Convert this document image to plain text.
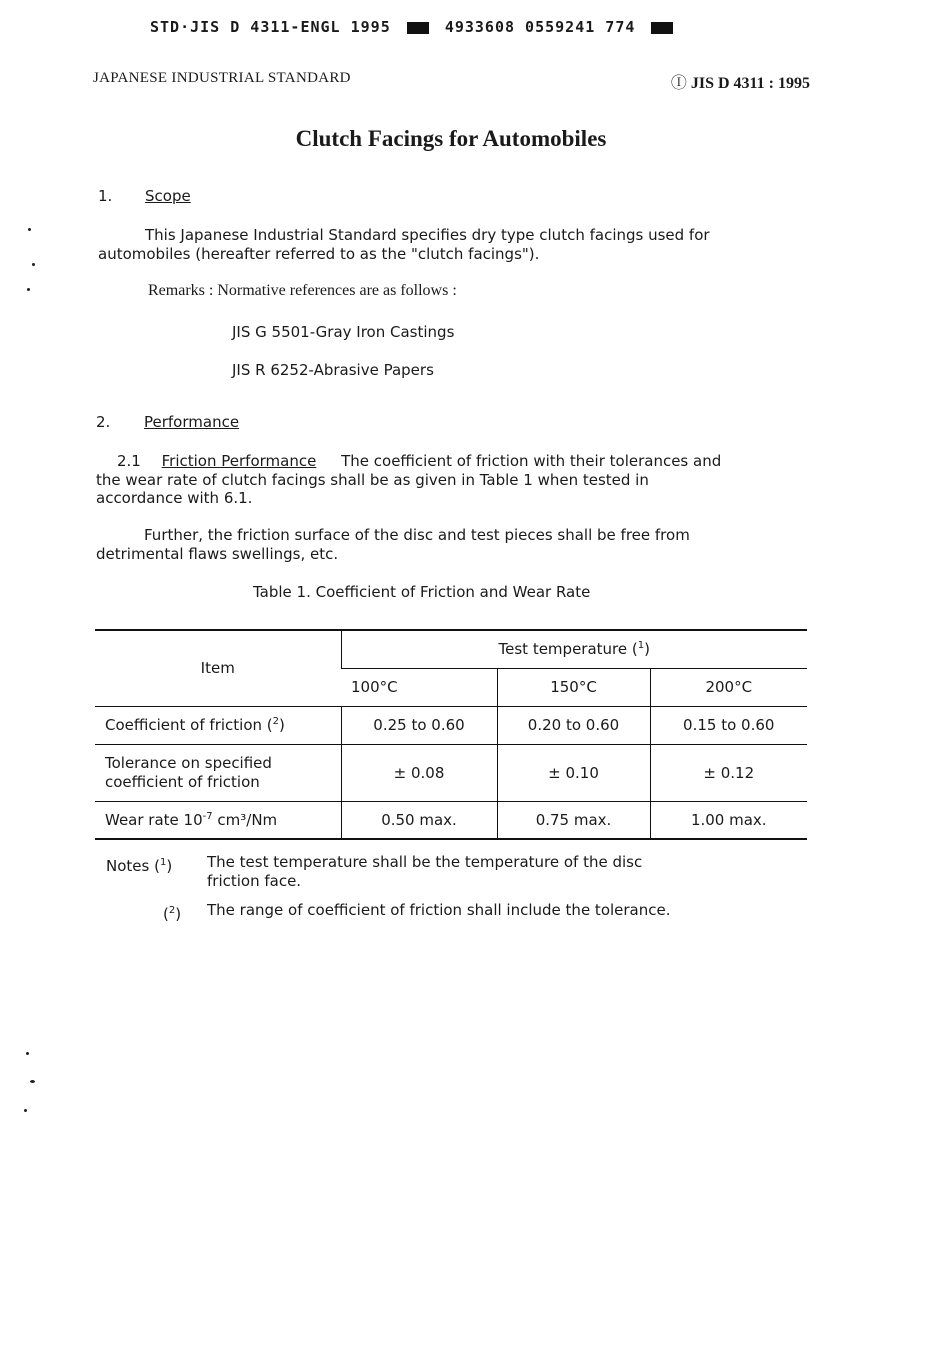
STD·JIS D 4311-ENGL 1995	4933608 0559241 774
JAPANESE INDUSTRIAL STANDARD	Ⓘ JIS D 4311 : 1995
Clutch Facings for Automobiles
1. Scope
This Japanese Industrial Standard specifies dry type clutch facings used for
automobiles (hereafter referred to as the "clutch facings").
Remarks : Normative references are as follows :
JIS G 5501-Gray Iron Castings
JIS R 6252-Abrasive Papers
2. Performance
2.1 Friction Performance The coefficient of friction with their tolerances and
the wear rate of clutch facings shall be as given in Table 1 when tested in
accordance with 6.1.
Further, the friction surface of the disc and test pieces shall be free from
detrimental flaws swellings, etc.
Table 1. Coefficient of Friction and Wear Rate
Item	Test temperature ($^1$)		
	100°C	150°C	200°C
Coefficient of friction ($^2$)	0.25 to 0.60	0.20 to 0.60	0.15 to 0.60

Tolerance on specified
coefficient of friction	± 0.08	± 0.10	± 0.12
Wear rate $10^{-7}$ cm³/Nm	0.50 max.	0.75 max.	1.00 max.
Notes ($^1$) The test temperature shall be the temperature of the disc
friction face.
($^2$) The range of coefficient of friction shall include the tolerance.
